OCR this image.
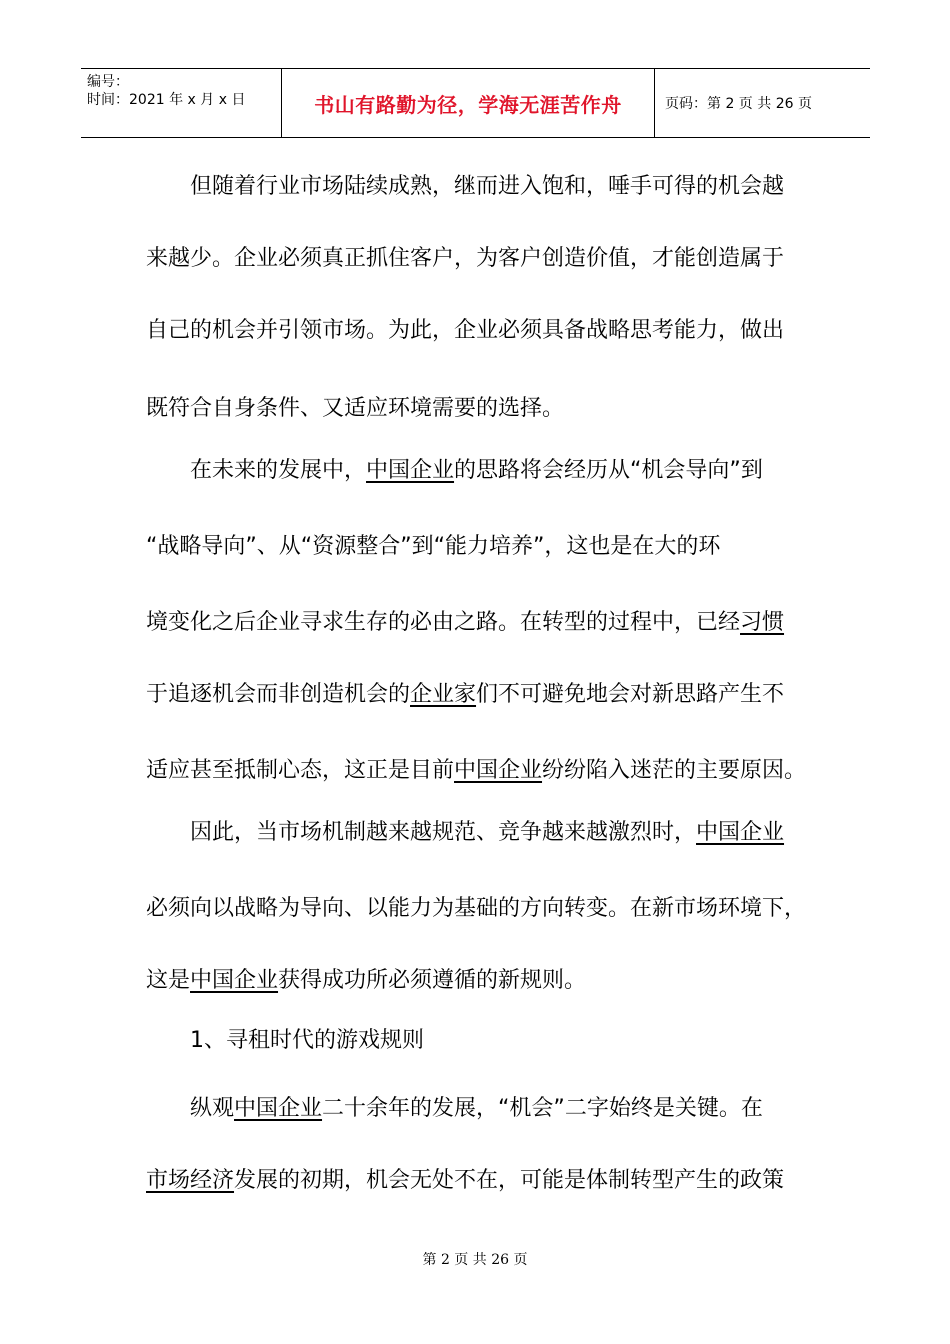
编号：
时间：2021 年 x 月 x 日	书山有路勤为径，学海无涯苦作舟	页码：第 2 页 共 26 页
但随着行业市场陆续成熟，继而进入饱和，唾手可得的机会越
来越少。企业必须真正抓住客户，为客户创造价值，才能创造属于
自己的机会并引领市场。为此，企业必须具备战略思考能力，做出
既符合自身条件、又适应环境需要的选择。
在未来的发展中，中国企业的思路将会经历从“机会导向”到
“战略导向”、从“资源整合”到“能力培养”，这也是在大的环
境变化之后企业寻求生存的必由之路。在转型的过程中，已经习惯
于追逐机会而非创造机会的企业家们不可避免地会对新思路产生不
适应甚至抵制心态，这正是目前中国企业纷纷陷入迷茫的主要原因。
因此，当市场机制越来越规范、竞争越来越激烈时，中国企业
必须向以战略为导向、以能力为基础的方向转变。在新市场环境下，
这是中国企业获得成功所必须遵循的新规则。
1、寻租时代的游戏规则
纵观中国企业二十余年的发展，“机会”二字始终是关键。在
市场经济发展的初期，机会无处不在，可能是体制转型产生的政策
第 2 页 共 26 页
